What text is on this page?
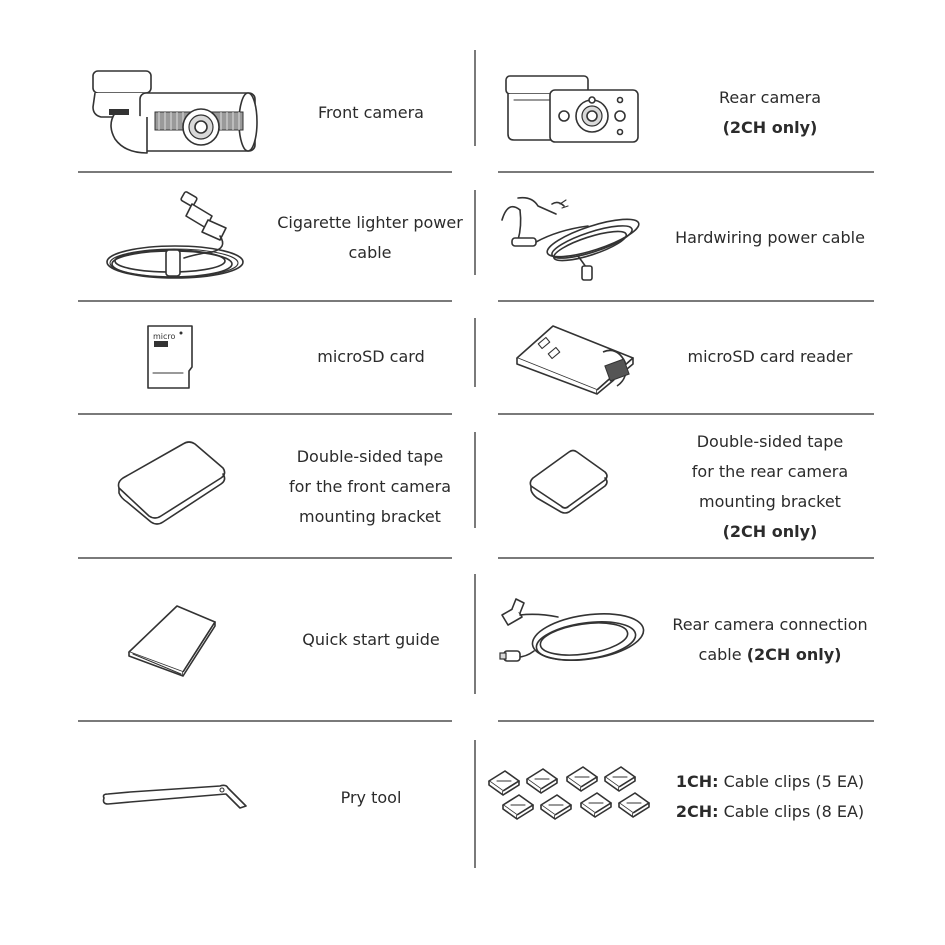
Front camera
Rear camera
(2CH only)
Cigarette lighter power
cable
Hardwiring power cable
micro
microSD card	microSD card reader
Double-sided tape
for the front camera
mounting bracket
Double-sided tape
for the rear camera
mounting bracket
(2CH only)
Quick start guide
Rear camera connection
cable (2CH only)
Pry tool
1CH: Cable clips (5 EA)
2CH: Cable clips (8 EA)
